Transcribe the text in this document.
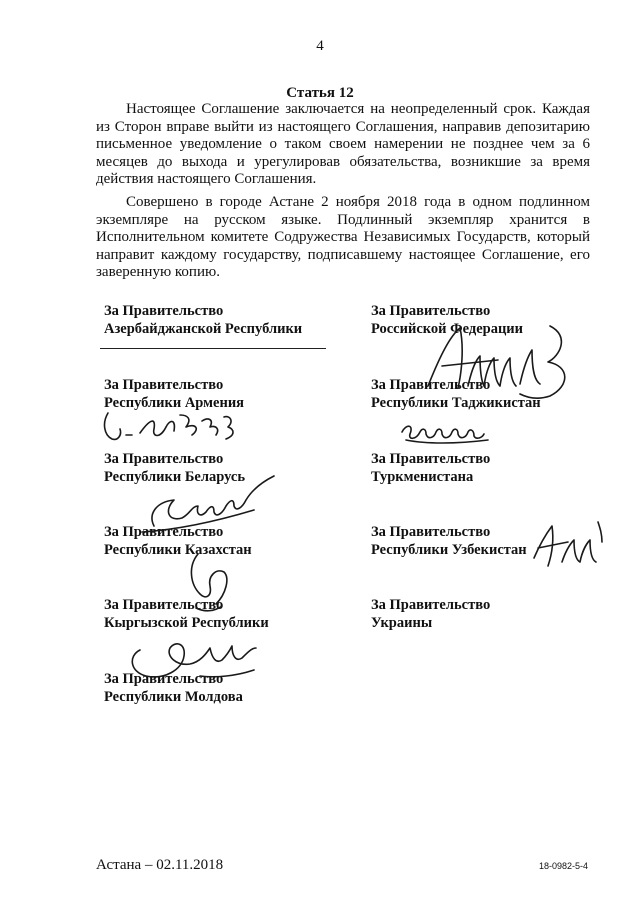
4
Статья 12
Настоящее Соглашение заключается на неопределенный срок. Каждая из Сторон вправе выйти из настоящего Соглашения, направив депозитарию письменное уведомление о таком своем намерении не позднее чем за 6 месяцев до выхода и урегулировав обязательства, возникшие за время действия настоящего Соглашения.
Совершено в городе Астане 2 ноября 2018 года в одном подлинном экземпляре на русском языке. Подлинный экземпляр хранится в Исполнительном комитете Содружества Независимых Государств, который направит каждому государству, подписавшему настоящее Соглашение, его заверенную копию.
За Правительство
Азербайджанской Республики
За Правительство
Российской Федерации
За Правительство
Республики Армения
За Правительство
Республики Таджикистан
За Правительство
Республики Беларусь
За Правительство
Туркменистана
За Правительство
Республики Казахстан
За Правительство
Республики Узбекистан
За Правительство
Кыргызской Республики
За Правительство
Украины
За Правительство
Республики Молдова
Астана – 02.11.2018	18-0982-5-4
